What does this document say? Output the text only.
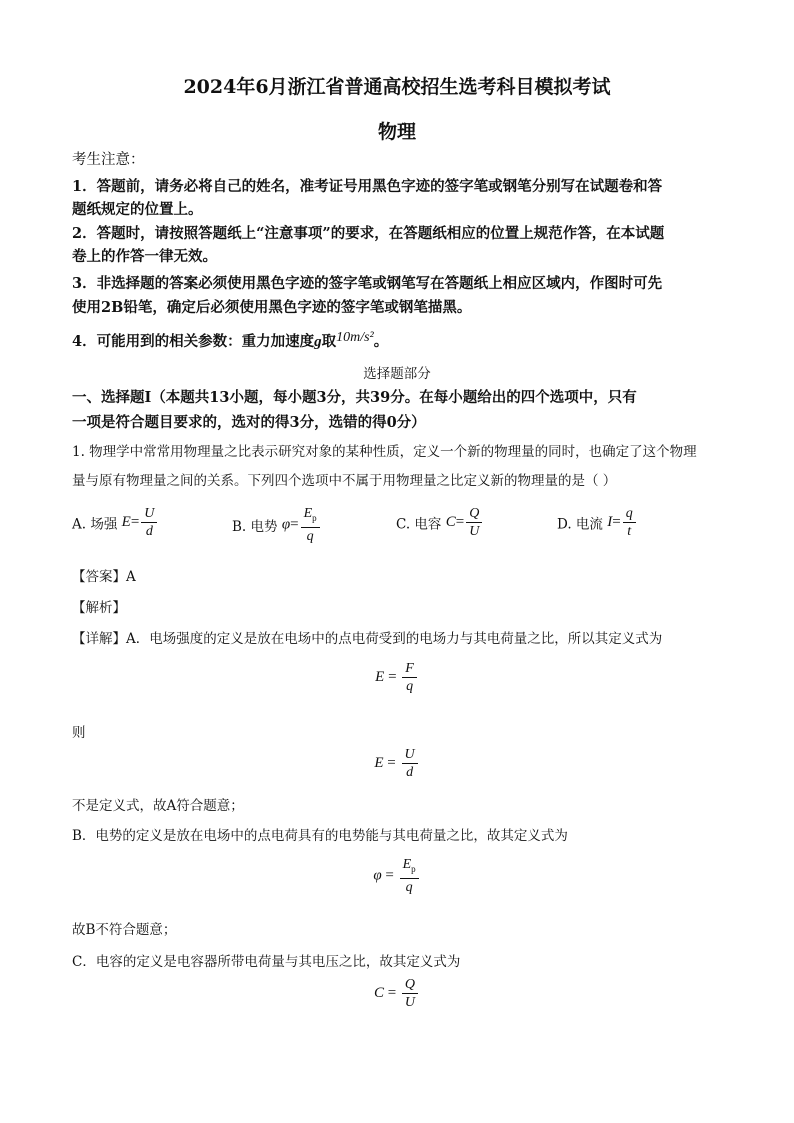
2024年6月浙江省普通高校招生选考科目模拟考试
物理
考生注意：
1．答题前，请务必将自己的姓名，准考证号用黑色字迹的签字笔或钢笔分别写在试题卷和答
题纸规定的位置上。
2．答题时，请按照答题纸上“注意事项”的要求，在答题纸相应的位置上规范作答，在本试题
卷上的作答一律无效。
3．非选择题的答案必须使用黑色字迹的签字笔或钢笔写在答题纸上相应区域内，作图时可先
使用2B铅笔，确定后必须使用黑色字迹的签字笔或钢笔描黑。
4．可能用到的相关参数：重力加速度g取10m/s²。
选择题部分
一、选择题Ⅰ（本题共13小题，每小题3分，共39分。在每小题给出的四个选项中，只有
一项是符合题目要求的，选对的得3分，选错的得0分）
1. 物理学中常常用物理量之比表示研究对象的某种性质，定义一个新的物理量的同时，也确定了这个物理
量与原有物理量之间的关系。下列四个选项中不属于用物理量之比定义新的物理量的是（ ）
A. 场强 $E= \frac{U}{d}$	B. 电势 $\varphi= \frac{E_p}{q}$	C. 电容 $C= \frac{Q}{U}$	D. 电流 $I= \frac{q}{t}$
【答案】A
【解析】
【详解】A．电场强度的定义是放在电场中的点电荷受到的电场力与其电荷量之比，所以其定义式为
$E = \frac{F}{q}$
则
$E = \frac{U}{d}$
不是定义式，故A符合题意；
B．电势的定义是放在电场中的点电荷具有的电势能与其电荷量之比，故其定义式为
$\varphi = \frac{E_p}{q}$
故B不符合题意；
C．电容的定义是电容器所带电荷量与其电压之比，故其定义式为
$C = \frac{Q}{U}$
